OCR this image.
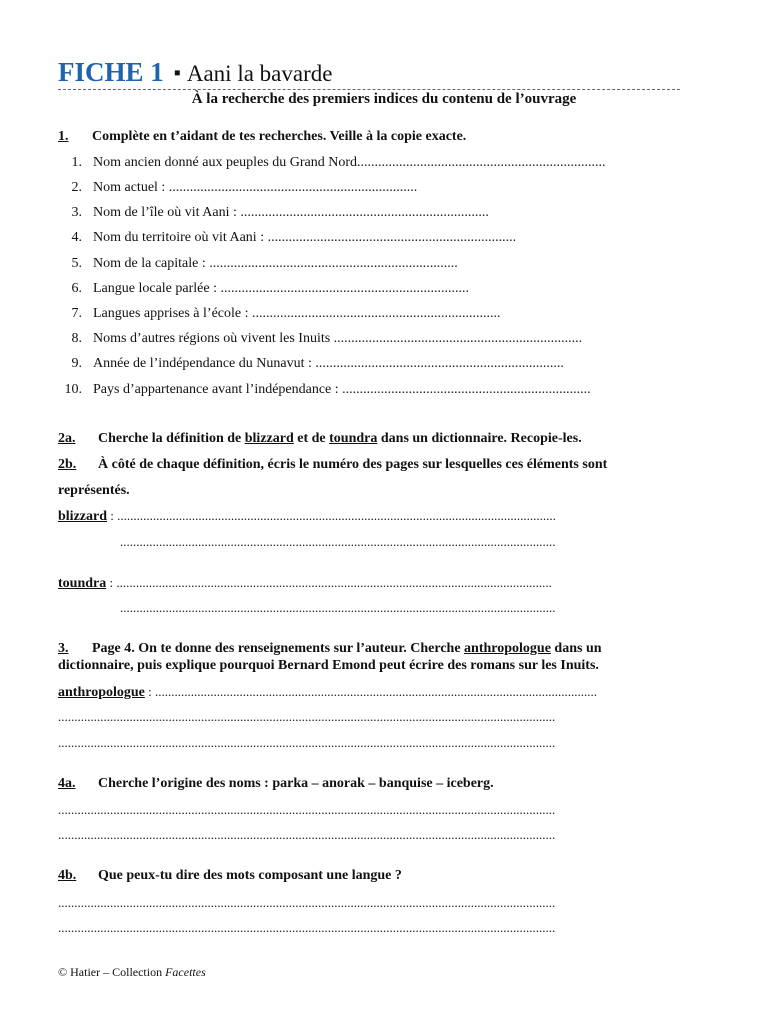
FICHE 1 ▪ Aani la bavarde
À la recherche des premiers indices du contenu de l’ouvrage
1. Complète en t’aidant de tes recherches. Veille à la copie exacte.
1. Nom ancien donné aux peuples du Grand Nord.......................................................................
2. Nom actuel : .......................................................................
3. Nom de l’île où vit Aani : .......................................................................
4. Nom du territoire où vit Aani : .......................................................................
5. Nom de la capitale : .......................................................................
6. Langue locale parlée : .......................................................................
7. Langues apprises à l’école : .......................................................................
8. Noms d’autres régions où vivent les Inuits .......................................................................
9. Année de l’indépendance du Nunavut : .......................................................................
10. Pays d’appartenance avant l’indépendance : .......................................................................
2a. Cherche la définition de blizzard et de toundra dans un dictionnaire. Recopie-les.
2b. À côté de chaque définition, écris le numéro des pages sur lesquelles ces éléments sont
représentés.
blizzard : .......................................................................................................................................
......................................................................................................................................
toundra : ......................................................................................................................................
......................................................................................................................................
3. Page 4. On te donne des renseignements sur l’auteur. Cherche anthropologue dans un
dictionnaire, puis explique pourquoi Bernard Emond peut écrire des romans sur les Inuits.
anthropologue : ........................................................................................................................................
.........................................................................................................................................................
.........................................................................................................................................................
4a. Cherche l’origine des noms : parka – anorak – banquise – iceberg.
.........................................................................................................................................................
.........................................................................................................................................................
4b. Que peux-tu dire des mots composant une langue ?
.........................................................................................................................................................
.........................................................................................................................................................
© Hatier – Collection Facettes
